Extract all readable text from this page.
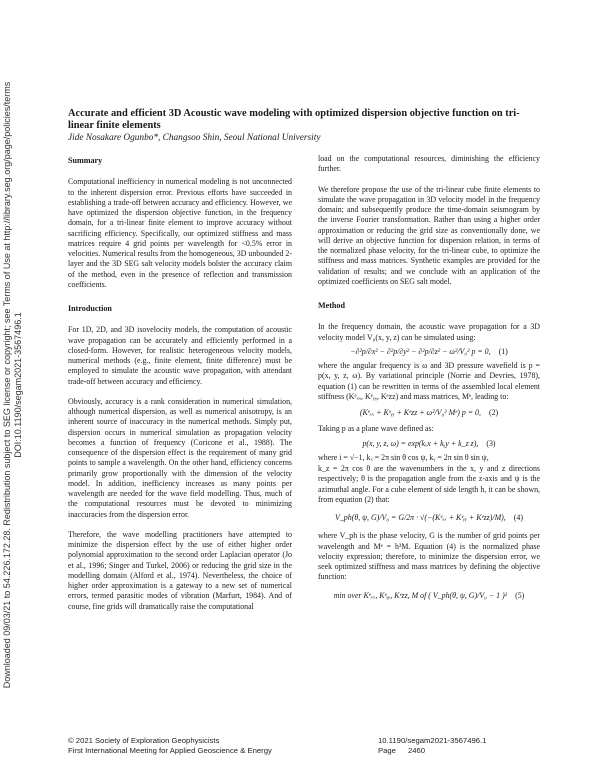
Downloaded 09/03/21 to 54.226.172.28. Redistribution subject to SEG license or copyright; see Terms of Use at http://library.seg.org/page/policies/terms DOI:10.1190/segam2021-3567496.1
Accurate and efficient 3D Acoustic wave modeling with optimized dispersion objective function on tri-linear finite elements
Jide Nosakare Ogunbo*, Changsoo Shin, Seoul National University
Summary

Computational inefficiency in numerical modeling is not unconnected to the inherent dispersion error. Previous efforts have succeeded in establishing a trade-off between accuracy and efficiency. However, we have optimized the dispersion objective function, in the frequency domain, for a tri-linear finite element to improve accuracy without sacrificing efficiency. Specifically, our optimized stiffness and mass matrices require 4 grid points per wavelength for <0.5% error in velocities. Numerical results from the homogeneous, 3D unbounded 2-layer and the 3D SEG salt velocity models bolster the accuracy claim of the method, even in the presence of reflection and transmission coefficients.

Introduction

For 1D, 2D, and 3D isovelocity models, the computation of acoustic wave propagation can be accurately and efficiently performed in a closed-form. However, for realistic heterogeneous velocity models, numerical methods (e.g., finite element, finite difference) must be employed to simulate the acoustic wave propagation, with attendant trade-off between accuracy and efficiency.

Obviously, accuracy is a rank consideration in numerical simulation, although numerical dispersion, as well as numerical anisotropy, is an inherent source of inaccuracy in the numerical methods. Simply put, dispersion occurs in numerical simulation as propagation velocity becomes a function of frequency (Coricone et al., 1988). The consequence of the dispersion effect is the requirement of many grid points to sample a wavelength. On the other hand, efficiency concerns primarily grow proportionally with the dimension of the velocity model. In addition, inefficiency increases as many points per wavelength are needed for the wave field modelling. Thus, much of the computational resources must be devoted to minimizing inaccuracies from the dispersion error.

Therefore, the wave modelling practitioners have attempted to minimize the dispersion effect by the use of either higher order polynomial approximation to the second order Laplacian operator (Jo et al., 1996; Singer and Turkel, 2006) or reducing the grid size in the modelling domain (Alford et al., 1974). Nevertheless, the choice of higher order approximation is a gateway to a new set of numerical errors, termed parasitic modes of vibration (Marfurt, 1984). And of course, fine grids will dramatically raise the computational

load on the computational resources, diminishing the efficiency further.

We therefore propose the use of the tri-linear cube finite elements to simulate the wave propagation in 3D velocity model in the frequency domain; and subsequently produce the time-domain seismogram by the inverse Fourier transformation. Rather than using a higher order approximation or reducing the grid size as conventionally done, we will derive an objective function for dispersion relation, in terms of the normalized phase velocity, for the tri-linear cube, to optimize the stiffness and mass matrices. Synthetic examples are provided for the validation of results; and we conclude with an application of the optimized coefficients on SEG salt model.

Method

In the frequency domain, the acoustic wave propagation for a 3D velocity model V₀(x, y, z) can be simulated using:

−∂²p/∂x² − ∂²p/∂y² − ∂²p/∂z² − ω²/V₀² p = 0, (1)

where the angular frequency is ω and 3D pressure wavefield is p = p(x, y, z, ω). By variational principle (Norrie and Devries, 1978), equation (1) can be rewritten in terms of the assembled local element stiffness (Kᵉₓₓ, Kᵉᵧᵧ, Kᵉzz) and mass matrices, Mᵉ, leading to:

(Kᵉₓₓ + Kᵉᵧᵧ + Kᵉzz + ω²/V₀² Mᵉ) p = 0, (2)

Taking p as a plane wave defined as:

p(x, y, z, ω) = exp(kₓx + kᵧy + k_z z), (3)
where i = √−1, kₓ = 2π sin θ cos ψ, kᵧ = 2π sin θ sin ψ,

k_z = 2π cos θ are the wavenumbers in the x, y and z directions respectively; θ is the propagation angle from the z-axis and ψ is the azimuthal angle. For a cube element of side length h, it can be shown, from equation (2) that:

V_ph(θ, ψ, G)/V₀ = G/2π · √(−(Kᵉₓₓ + Kᵉᵧᵧ + Kᵉzz)/M), (4)

where V_ph is the phase velocity, G is the number of grid points per wavelength and Mᵉ = h³M. Equation (4) is the normalized phase velocity expression; therefore, to minimize the dispersion error, we seek optimized stiffness and mass matrices by defining the objective function:

min over Kᵉₓₓ, Kᵉᵧᵧ, Kᵉzz, M of ( V_ph(θ, ψ, G)/V₀ − 1 )² (5)
© 2021 Society of Exploration Geophysicists
First International Meeting for Applied Geoscience & Energy
10.1190/segam2021-3567496.1
Page 2460
